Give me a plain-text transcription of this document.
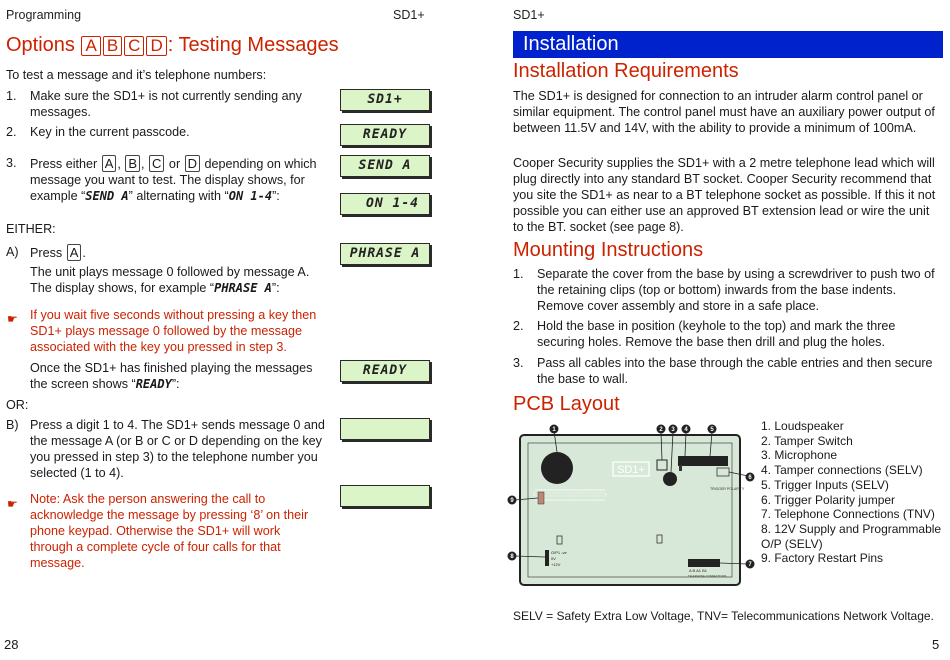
Programming	SD1+
Options A B C D : Testing Messages
To test a message and it’s telephone numbers:
1. Make sure the SD1+ is not currently sending any messages.
2. Key in the current passcode.
3. Press either A , B , C or D depending on which message you want to test. The display shows, for example “SEND A” alternating with “ON 1-4”:
EITHER:
A) Press A .
The unit plays message 0 followed by message A. The display shows, for example “PHRASE A”:
☛ If you wait five seconds without pressing a key then SD1+ plays message 0 followed by the message associated with the key you pressed in step 3.
Once the SD1+ has finished playing the messages the screen shows “READY”:
OR:
B) Press a digit 1 to 4. The SD1+ sends message 0 and the message A (or B or C or D depending on the key you pressed in step 3) to the telephone number you selected (1 to 4).
☛ Note: Ask the person answering the call to acknowledge the message by pressing ‘8’ on their phone keypad. Otherwise the SD1+ will work through a complete cycle of four calls for that message.
SD1+
READY
SEND A
ON 1-4
PHRASE A
READY
28
SD1+
Installation
Installation Requirements
The SD1+ is designed for connection to an intruder alarm control panel or similar equipment. The control panel must have an auxiliary power output of between 11.5V and 14V, with the ability to provide a minimum of 100mA.
Cooper Security supplies the SD1+ with a 2 metre telephone lead which will plug directly into any standard BT socket. Cooper Security recommend that you site the SD1+ as near to a BT telephone socket as possible. If this it not possible you can either use an approved BT extension lead or wire the unit to the BT. socket (see page 8).
Mounting Instructions
1. Separate the cover from the base by using a screwdriver to push two of the retaining clips (top or bottom) inwards from the base indents. Remove cover assembly and store in a safe place.
2. Hold the base in position (keyhole to the top) and mark the three securing holes. Remove the base then drill and plug the holes.
3. Pass all cables into the base through the cable entries and then secure the base to wall.
PCB Layout
SD1+
TRIGGER POLARITY
O/P1 -ve
0V
+12V
A B A1 B1
TELEPHONE CONNECTIONS
1	2 3 4	5
6
7
8
9
1. Loudspeaker
2. Tamper Switch
3. Microphone
4. Tamper connections (SELV)
5. Trigger Inputs (SELV)
6. Trigger Polarity jumper
7. Telephone Connections (TNV)
8. 12V Supply and Programmable O/P (SELV)
9. Factory Restart Pins
SELV = Safety Extra Low Voltage, TNV= Telecommunications Network Voltage.
5
